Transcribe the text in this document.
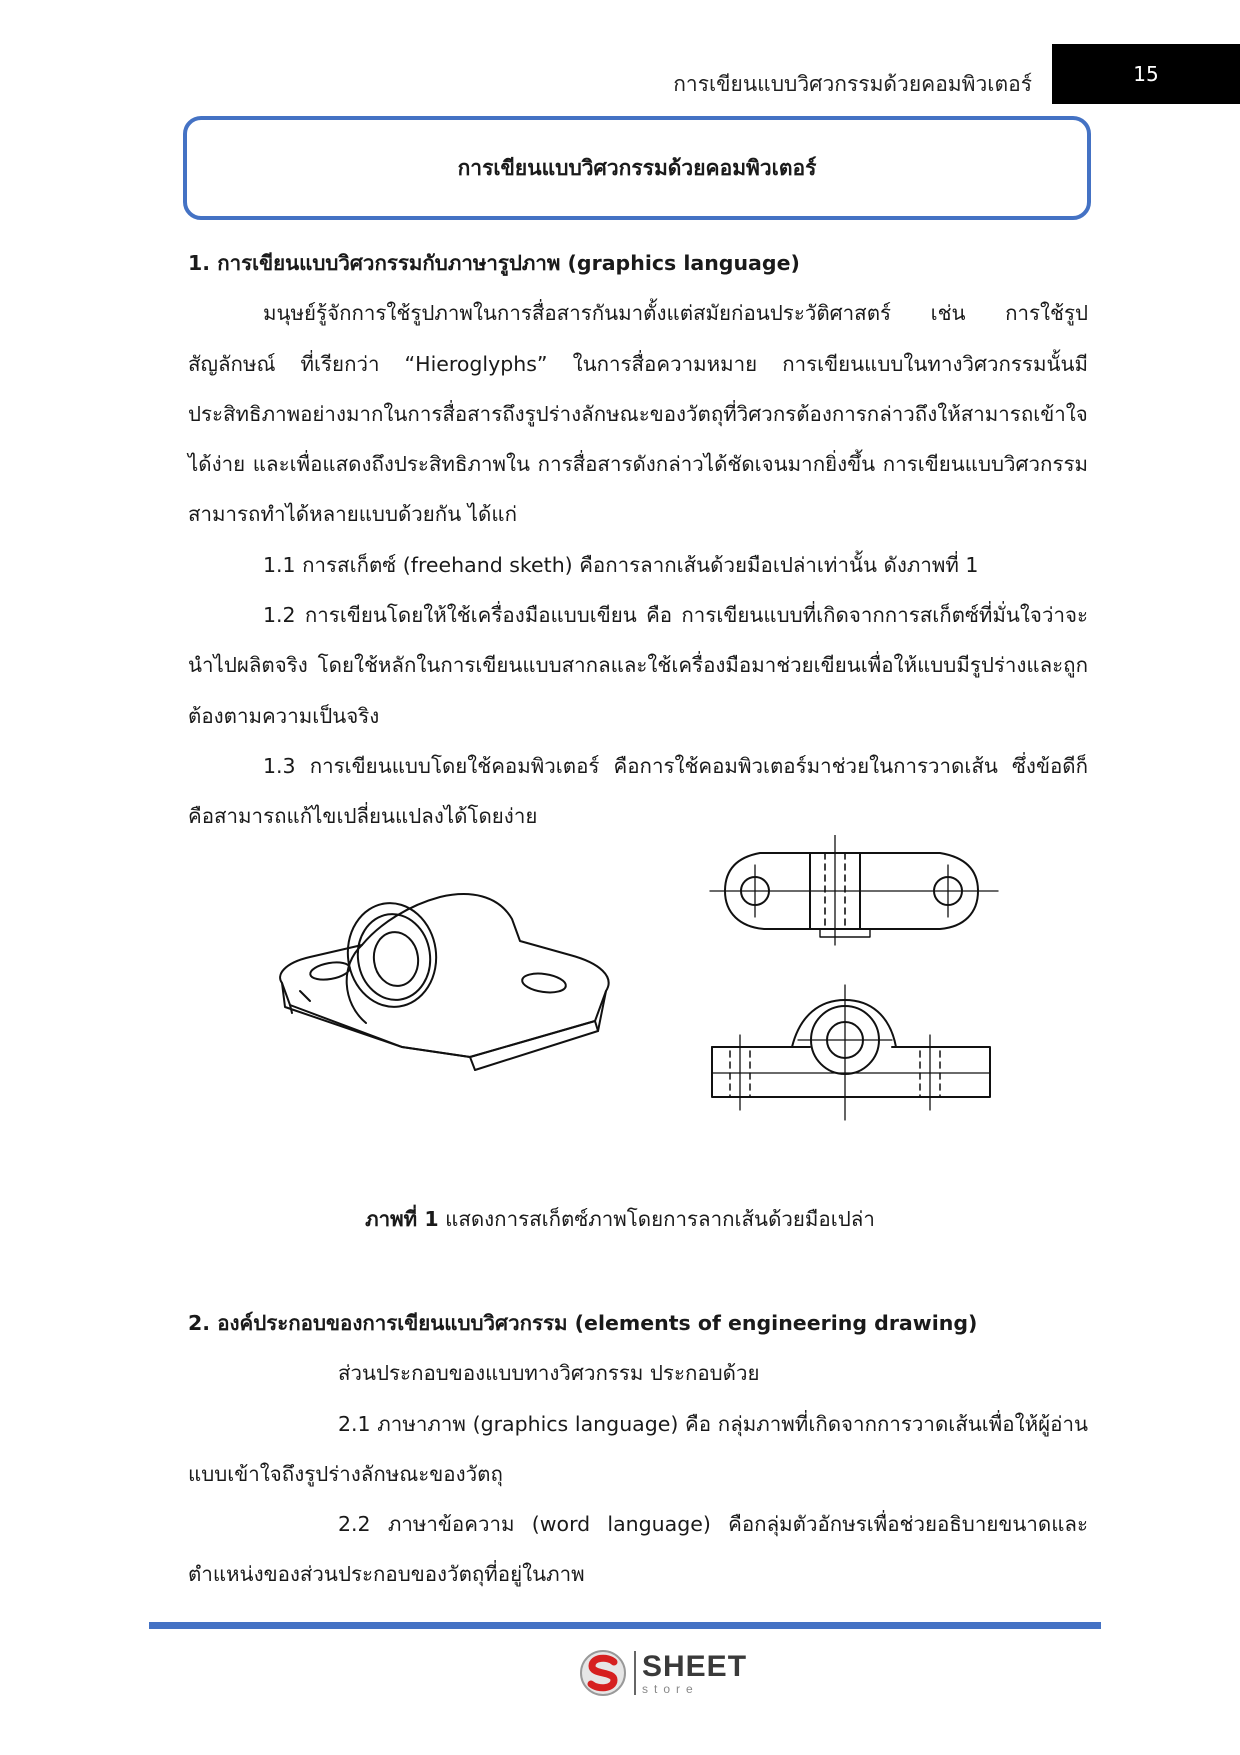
การเขียนแบบวิศวกรรมด้วยคอมพิวเตอร์	15
การเขียนแบบวิศวกรรมด้วยคอมพิวเตอร์

1. การเขียนแบบวิศวกรรมกับภาษารูปภาพ (graphics language)

มนุษย์รู้จักการใช้รูปภาพในการสื่อสารกันมาตั้งแต่สมัยก่อนประวัติศาสตร์ เช่น การใช้รูปสัญลักษณ์ ที่เรียกว่า “Hieroglyphs” ในการสื่อความหมาย การเขียนแบบในทางวิศวกรรมนั้นมีประสิทธิภาพอย่างมากในการสื่อสารถึงรูปร่างลักษณะของวัตถุที่วิศวกรต้องการกล่าวถึงให้สามารถเข้าใจได้ง่าย และเพื่อแสดงถึงประสิทธิภาพใน การสื่อสารดังกล่าวได้ชัดเจนมากยิ่งขึ้น การเขียนแบบวิศวกรรมสามารถทำได้หลายแบบด้วยกัน ได้แก่

1.1 การสเก็ตซ์ (freehand sketh) คือการลากเส้นด้วยมือเปล่าเท่านั้น ดังภาพที่ 1

1.2 การเขียนโดยให้ใช้เครื่องมือแบบเขียน คือ การเขียนแบบที่เกิดจากการสเก็ตซ์ที่มั่นใจว่าจะนำไปผลิตจริง โดยใช้หลักในการเขียนแบบสากลและใช้เครื่องมือมาช่วยเขียนเพื่อให้แบบมีรูปร่างและถูกต้องตามความเป็นจริง

1.3 การเขียนแบบโดยใช้คอมพิวเตอร์ คือการใช้คอมพิวเตอร์มาช่วยในการวาดเส้น ซึ่งข้อดีก็คือสามารถแก้ไขเปลี่ยนแปลงได้โดยง่าย

ภาพที่ 1 แสดงการสเก็ตซ์ภาพโดยการลากเส้นด้วยมือเปล่า

2. องค์ประกอบของการเขียนแบบวิศวกรรม (elements of engineering drawing)

ส่วนประกอบของแบบทางวิศวกรรม ประกอบด้วย

2.1 ภาษาภาพ (graphics language) คือ กลุ่มภาพที่เกิดจากการวาดเส้นเพื่อให้ผู้อ่านแบบเข้าใจถึงรูปร่างลักษณะของวัตถุ

2.2 ภาษาข้อความ (word language) คือกลุ่มตัวอักษรเพื่อช่วยอธิบายขนาดและตำแหน่งของส่วนประกอบของวัตถุที่อยู่ในภาพ

SHEET
store
